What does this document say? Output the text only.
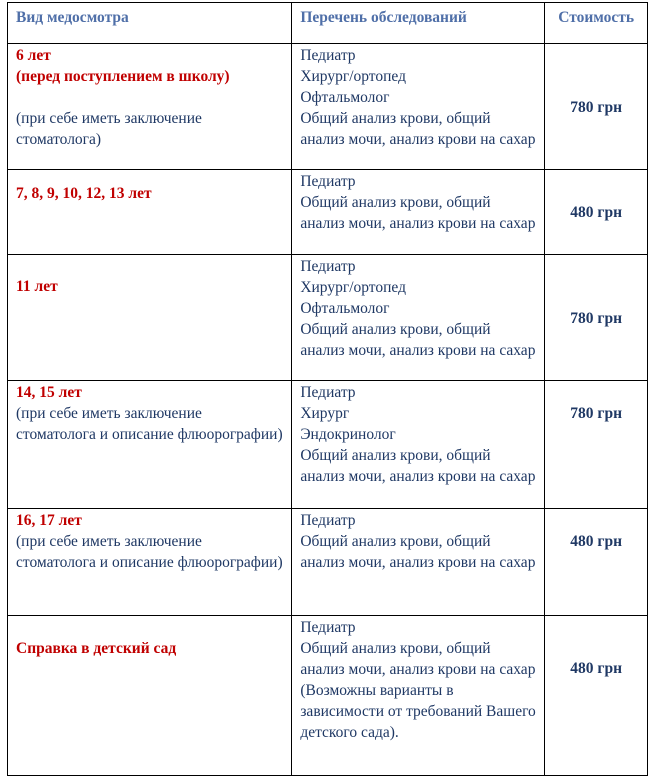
Вид медосмотра	Перечень обследований	Стоимость

6 лет
(перед поступлением в школу)
(при себе иметь заключение стоматолога)	Педиатр
Хирург/ортопед
Офтальмолог
Общий анализ крови, общий анализ мочи, анализ крови на сахар	780 грн

7, 8, 9, 10, 12, 13 лет	Педиатр
Общий анализ крови, общий анализ мочи, анализ крови на сахар	480 грн

11 лет	Педиатр
Хирург/ортопед
Офтальмолог
Общий анализ крови, общий анализ мочи, анализ крови на сахар	780 грн

14, 15 лет
(при себе иметь заключение стоматолога и описание флюорографии)	Педиатр
Хирург
Эндокринолог
Общий анализ крови, общий анализ мочи, анализ крови на сахар	780 грн

16, 17 лет
(при себе иметь заключение стоматолога и описание флюорографии)	Педиатр
Общий анализ крови, общий анализ мочи, анализ крови на сахар	480 грн

Справка в детский сад	Педиатр
Общий анализ крови, общий анализ мочи, анализ крови на сахар
(Возможны варианты в зависимости от требований Вашего детского сада).	480 грн
